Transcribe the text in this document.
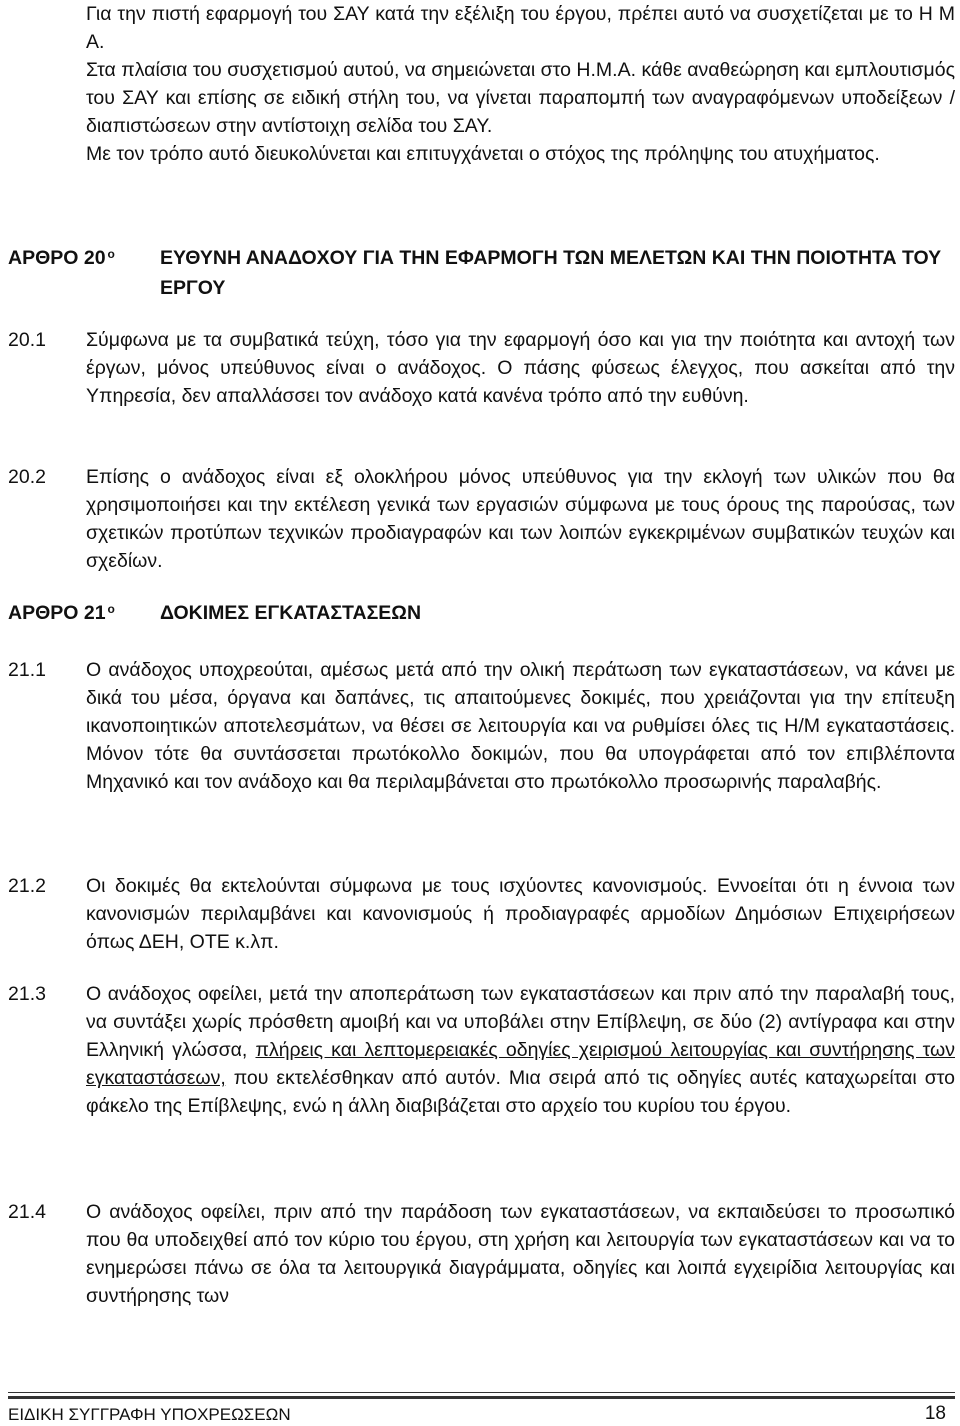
Για την πιστή εφαρμογή του ΣΑΥ κατά την εξέλιξη του έργου, πρέπει αυτό να συσχετίζεται με το Η Μ Α.

Στα πλαίσια του συσχετισμού αυτού, να σημειώνεται στο Η.Μ.Α. κάθε αναθεώρηση και εμπλουτισμός του ΣΑΥ και επίσης σε ειδική στήλη του, να γίνεται παραπομπή των αναγραφόμενων υποδείξεων / διαπιστώσεων στην αντίστοιχη σελίδα του ΣΑΥ.

Με τον τρόπο αυτό διευκολύνεται και επιτυγχάνεται ο στόχος της πρόληψης του ατυχήματος.

ΑΡΘΡΟ 20 $^o$ ΕΥΘΥΝΗ ΑΝΑΔΟΧΟΥ ΓΙΑ ΤΗΝ ΕΦΑΡΜΟΓΗ ΤΩΝ ΜΕΛΕΤΩΝ ΚΑΙ ΤΗΝ ΠΟΙΟΤΗΤΑ ΤΟΥ ΕΡΓΟΥ
20.1	Σύμφωνα με τα συμβατικά τεύχη, τόσο για την εφαρμογή όσο και για την ποιότητα και αντοχή των έργων, μόνος υπεύθυνος είναι ο ανάδοχος. Ο πάσης φύσεως έλεγχος, που ασκείται από την Υπηρεσία, δεν απαλλάσσει τον ανάδοχο κατά κανένα τρόπο από την ευθύνη.
20.2	Επίσης ο ανάδοχος είναι εξ ολοκλήρου μόνος υπεύθυνος για την εκλογή των υλικών που θα χρησιμοποιήσει και την εκτέλεση γενικά των εργασιών σύμφωνα με τους όρους της παρούσας, των σχετικών προτύπων τεχνικών προδιαγραφών και των λοιπών εγκεκριμένων συμβατικών τευχών και σχεδίων.
ΑΡΘΡΟ 21 $^o$ ΔΟΚΙΜΕΣ ΕΓΚΑΤΑΣΤΑΣΕΩΝ
21.1	Ο ανάδοχος υποχρεούται, αμέσως μετά από την ολική περάτωση των εγκαταστάσεων, να κάνει με δικά του μέσα, όργανα και δαπάνες, τις απαιτούμενες δοκιμές, που χρειάζονται για την επίτευξη ικανοποιητικών αποτελεσμάτων, να θέσει σε λειτουργία και να ρυθμίσει όλες τις Η/Μ εγκαταστάσεις. Μόνον τότε θα συντάσσεται πρωτόκολλο δοκιμών, που θα υπογράφεται από τον επιβλέποντα Μηχανικό και τον ανάδοχο και θα περιλαμβάνεται στο πρωτόκολλο προσωρινής παραλαβής.
21.2	Οι δοκιμές θα εκτελούνται σύμφωνα με τους ισχύοντες κανονισμούς. Εννοείται ότι η έννοια των κανονισμών περιλαμβάνει και κανονισμούς ή προδιαγραφές αρμοδίων Δημόσιων Επιχειρήσεων όπως ΔΕΗ, ΟΤΕ κ.λπ.
21.3	Ο ανάδοχος οφείλει, μετά την αποπεράτωση των εγκαταστάσεων και πριν από την παραλαβή τους, να συντάξει χωρίς πρόσθετη αμοιβή και να υποβάλει στην Επίβλεψη, σε δύο (2) αντίγραφα και στην Ελληνική γλώσσα, πλήρεις και λεπτομερειακές οδηγίες χειρισμού λειτουργίας και συντήρησης των εγκαταστάσεων, που εκτελέσθηκαν από αυτόν. Μια σειρά από τις οδηγίες αυτές καταχωρείται στο φάκελο της Επίβλεψης, ενώ η άλλη διαβιβάζεται στο αρχείο του κυρίου του έργου.
21.4	Ο ανάδοχος οφείλει, πριν από την παράδοση των εγκαταστάσεων, να εκπαιδεύσει το προσωπικό που θα υποδειχθεί από τον κύριο του έργου, στη χρήση και λειτουργία των εγκαταστάσεων και να το ενημερώσει πάνω σε όλα τα λειτουργικά διαγράμματα, οδηγίες και λοιπά εγχειρίδια λειτουργίας και συντήρησης των
ΕΙΔΙΚΗ ΣΥΓΓΡΑΦΗ ΥΠΟΧΡΕΩΣΕΩΝ	18
